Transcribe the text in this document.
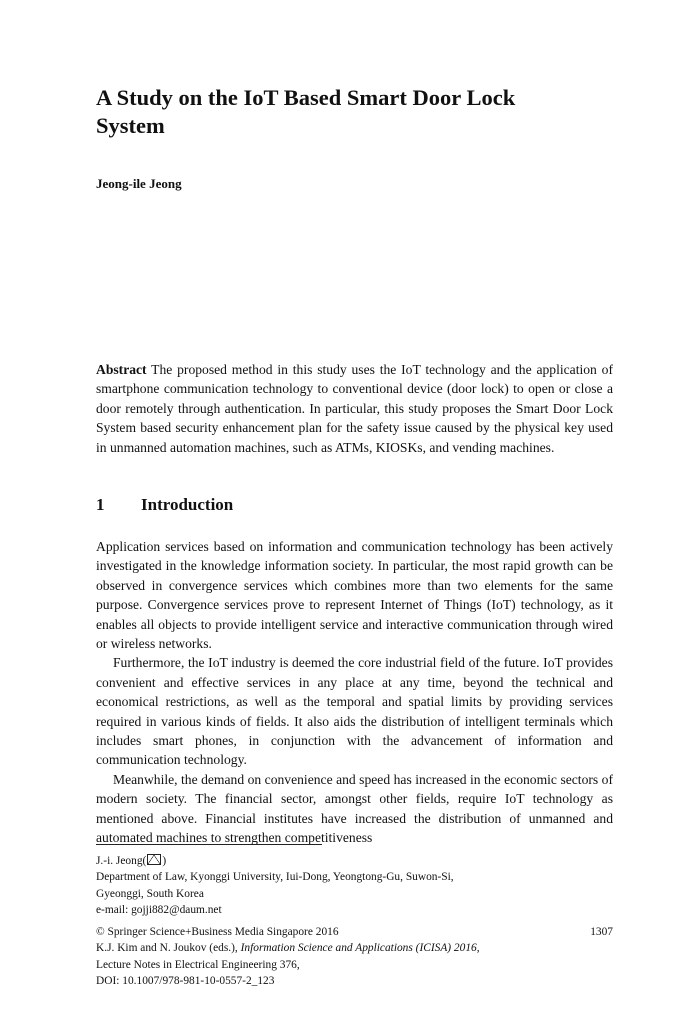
A Study on the IoT Based Smart Door Lock System
Jeong-ile Jeong

Abstract The proposed method in this study uses the IoT technology and the application of smartphone communication technology to conventional device (door lock) to open or close a door remotely through authentication. In particular, this study proposes the Smart Door Lock System based security enhancement plan for the safety issue caused by the physical key used in unmanned automation machines, such as ATMs, KIOSKs, and vending machines.

1 Introduction

Application services based on information and communication technology has been actively investigated in the knowledge information society. In particular, the most rapid growth can be observed in convergence services which combines more than two elements for the same purpose. Convergence services prove to represent Internet of Things (IoT) technology, as it enables all objects to provide intelligent service and interactive communication through wired or wireless networks.

Furthermore, the IoT industry is deemed the core industrial field of the future. IoT provides convenient and effective services in any place at any time, beyond the technical and economical restrictions, as well as the temporal and spatial limits by providing services required in various kinds of fields. It also aids the distribution of intelligent terminals which includes smart phones, in conjunction with the advancement of information and communication technology.

Meanwhile, the demand on convenience and speed has increased in the economic sectors of modern society. The financial sector, amongst other fields, require IoT technology as mentioned above. Financial institutes have increased the distribution of unmanned and automated machines to strengthen competitiveness

J.-i. Jeong( )
Department of Law, Kyonggi University, Iui-Dong, Yeongtong-Gu, Suwon-Si,
Gyeonggi, South Korea
e-mail: gojji882@daum.net
© Springer Science+Business Media Singapore 2016	1307
K.J. Kim and N. Joukov (eds.), Information Science and Applications (ICISA) 2016,
Lecture Notes in Electrical Engineering 376,
DOI: 10.1007/978-981-10-0557-2_123
